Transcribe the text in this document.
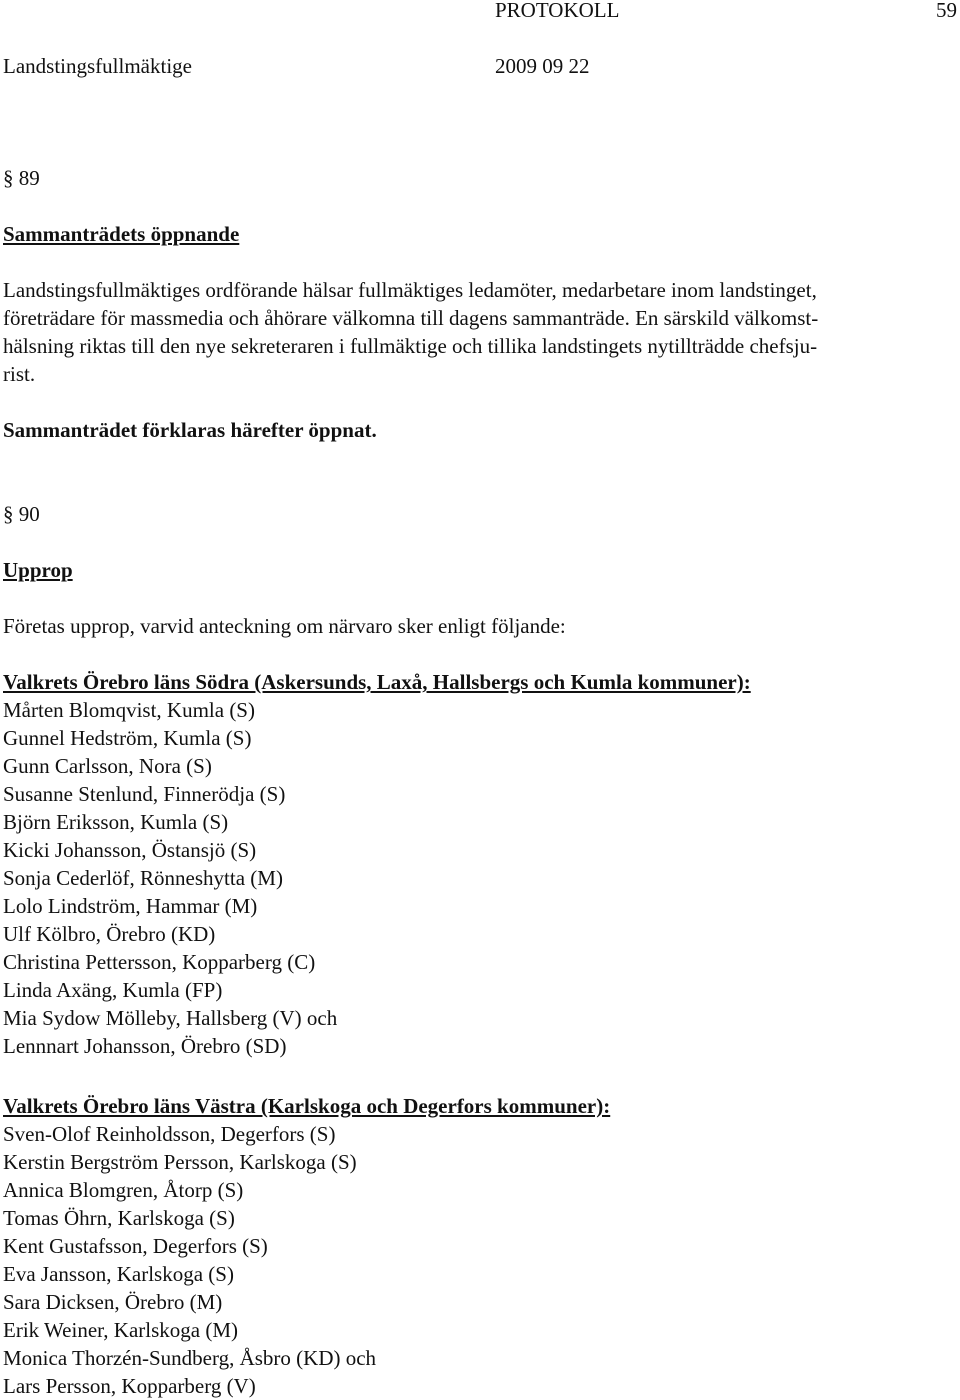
PROTOKOLL	59
Landstingsfullmäktige	2009 09 22
§ 89
Sammanträdets öppnande
Landstingsfullmäktiges ordförande hälsar fullmäktiges ledamöter, medarbetare inom landstinget,
företrädare för massmedia och åhörare välkomna till dagens sammanträde. En särskild välkomst-
hälsning riktas till den nye sekreteraren i fullmäktige och tillika landstingets nytillträdde chefsju-
rist.
Sammanträdet förklaras härefter öppnat.
§ 90
Upprop
Företas upprop, varvid anteckning om närvaro sker enligt följande:
Valkrets Örebro läns Södra (Askersunds, Laxå, Hallsbergs och Kumla kommuner):
Mårten Blomqvist, Kumla (S)
Gunnel Hedström, Kumla (S)
Gunn Carlsson, Nora (S)
Susanne Stenlund, Finnerödja (S)
Björn Eriksson, Kumla (S)
Kicki Johansson, Östansjö (S)
Sonja Cederlöf, Rönneshytta (M)
Lolo Lindström, Hammar (M)
Ulf Kölbro, Örebro (KD)
Christina Pettersson, Kopparberg (C)
Linda Axäng, Kumla (FP)
Mia Sydow Mölleby, Hallsberg (V) och
Lennnart Johansson, Örebro (SD)
Valkrets Örebro läns Västra (Karlskoga och Degerfors kommuner):
Sven-Olof Reinholdsson, Degerfors (S)
Kerstin Bergström Persson, Karlskoga (S)
Annica Blomgren, Åtorp (S)
Tomas Öhrn, Karlskoga (S)
Kent Gustafsson, Degerfors (S)
Eva Jansson, Karlskoga (S)
Sara Dicksen, Örebro (M)
Erik Weiner, Karlskoga (M)
Monica Thorzén-Sundberg, Åsbro (KD) och
Lars Persson, Kopparberg (V)
